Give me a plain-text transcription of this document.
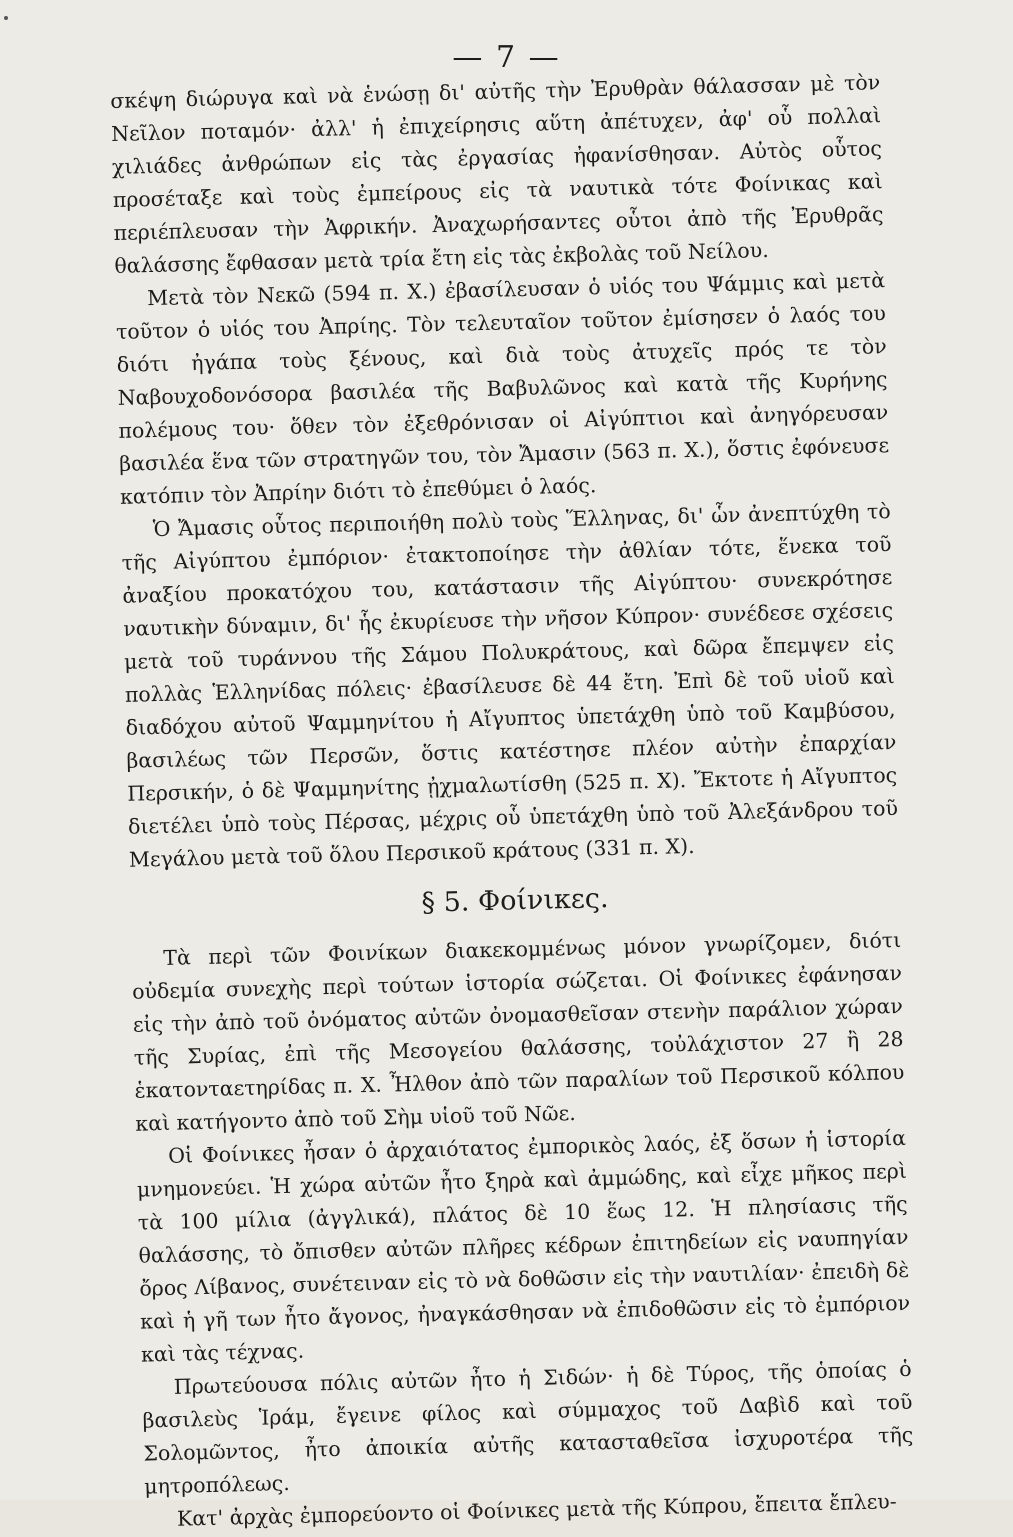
— 7 —

σκέψη διώρυγα καὶ νὰ ἑνώσῃ δι' αὐτῆς τὴν Ἐρυθρὰν θάλασσαν μὲ τὸν Νεῖλον ποταμόν· ἀλλ' ἡ ἐπιχείρησις αὕτη ἀπέτυχεν, ἀφ' οὗ πολλαὶ χιλιάδες ἀνθρώπων εἰς τὰς ἐργασίας ἠφανίσθησαν. Αὐτὸς οὗτος προσέταξε καὶ τοὺς ἐμπείρους εἰς τὰ ναυτικὰ τότε Φοίνικας καὶ περιέπλευσαν τὴν Ἀφρικήν. Ἀναχωρήσαντες οὗτοι ἀπὸ τῆς Ἐρυθρᾶς θαλάσσης ἔφθασαν μετὰ τρία ἔτη εἰς τὰς ἐκβολὰς τοῦ Νείλου.

Μετὰ τὸν Νεκῶ (594 π. Χ.) ἐβασίλευσαν ὁ υἱός του Ψάμμις καὶ μετὰ τοῦτον ὁ υἱός του Ἀπρίης. Τὸν τελευταῖον τοῦτον ἐμίσησεν ὁ λαός του διότι ἠγάπα τοὺς ξένους, καὶ διὰ τοὺς ἀτυχεῖς πρός τε τὸν Ναβουχοδονόσορα βασιλέα τῆς Βαβυλῶνος καὶ κατὰ τῆς Κυρήνης πολέμους του· ὅθεν τὸν ἐξεθρόνισαν οἱ Αἰγύπτιοι καὶ ἀνηγόρευσαν βασιλέα ἕνα τῶν στρατηγῶν του, τὸν Ἄμασιν (563 π. Χ.), ὅστις ἐφόνευσε κατόπιν τὸν Ἀπρίην διότι τὸ ἐπεθύμει ὁ λαός.

Ὁ Ἄμασις οὗτος περιποιήθη πολὺ τοὺς Ἕλληνας, δι' ὧν ἀνεπτύχθη τὸ τῆς Αἰγύπτου ἐμπόριον· ἐτακτοποίησε τὴν ἀθλίαν τότε, ἕνεκα τοῦ ἀναξίου προκατόχου του, κατάστασιν τῆς Αἰγύπτου· συνεκρότησε ναυτικὴν δύναμιν, δι' ἧς ἐκυρίευσε τὴν νῆσον Κύπρον· συνέδεσε σχέσεις μετὰ τοῦ τυράννου τῆς Σάμου Πολυκράτους, καὶ δῶρα ἔπεμψεν εἰς πολλὰς Ἑλληνίδας πόλεις· ἐβασίλευσε δὲ 44 ἔτη. Ἐπὶ δὲ τοῦ υἱοῦ καὶ διαδόχου αὐτοῦ Ψαμμηνίτου ἡ Αἴγυπτος ὑπετάχθη ὑπὸ τοῦ Καμβύσου, βασιλέως τῶν Περσῶν, ὅστις κατέστησε πλέον αὐτὴν ἐπαρχίαν Περσικήν, ὁ δὲ Ψαμμηνίτης ᾐχμαλωτίσθη (525 π. Χ). Ἔκτοτε ἡ Αἴγυπτος διετέλει ὑπὸ τοὺς Πέρσας, μέχρις οὗ ὑπετάχθη ὑπὸ τοῦ Ἀλεξάνδρου τοῦ Μεγάλου μετὰ τοῦ ὅλου Περσικοῦ κράτους (331 π. Χ).

§ 5. Φοίνικες.

Τὰ περὶ τῶν Φοινίκων διακεκομμένως μόνον γνωρίζομεν, διότι οὐδεμία συνεχὴς περὶ τούτων ἱστορία σώζεται. Οἱ Φοίνικες ἐφάνησαν εἰς τὴν ἀπὸ τοῦ ὀνόματος αὐτῶν ὀνομασθεῖσαν στενὴν παράλιον χώραν τῆς Συρίας, ἐπὶ τῆς Μεσογείου θαλάσσης, τοὐλάχιστον 27 ἢ 28 ἑκατονταετηρίδας π. Χ. Ἦλθον ἀπὸ τῶν παραλίων τοῦ Περσικοῦ κόλπου καὶ κατήγοντο ἀπὸ τοῦ Σὴμ υἱοῦ τοῦ Νῶε.

Οἱ Φοίνικες ἦσαν ὁ ἀρχαιότατος ἐμπορικὸς λαός, ἐξ ὅσων ἡ ἱστορία μνημονεύει. Ἡ χώρα αὐτῶν ἦτο ξηρὰ καὶ ἀμμώδης, καὶ εἶχε μῆκος περὶ τὰ 100 μίλια (ἀγγλικά), πλάτος δὲ 10 ἕως 12. Ἡ πλησίασις τῆς θαλάσσης, τὸ ὄπισθεν αὐτῶν πλῆρες κέδρων ἐπιτηδείων εἰς ναυπηγίαν ὄρος Λίβανος, συνέτειναν εἰς τὸ νὰ δοθῶσιν εἰς τὴν ναυτιλίαν· ἐπειδὴ δὲ καὶ ἡ γῆ των ἦτο ἄγονος, ἠναγκάσθησαν νὰ ἐπιδοθῶσιν εἰς τὸ ἐμπόριον καὶ τὰς τέχνας.

Πρωτεύουσα πόλις αὐτῶν ἦτο ἡ Σιδών· ἡ δὲ Τύρος, τῆς ὁποίας ὁ βασιλεὺς Ἱράμ, ἔγεινε φίλος καὶ σύμμαχος τοῦ Δαβὶδ καὶ τοῦ Σολομῶντος, ἦτο ἀποικία αὐτῆς κατασταθεῖσα ἰσχυροτέρα τῆς μητροπόλεως.

Κατ' ἀρχὰς ἐμπορεύοντο οἱ Φοίνικες μετὰ τῆς Κύπρου, ἔπειτα ἔπλευ-
